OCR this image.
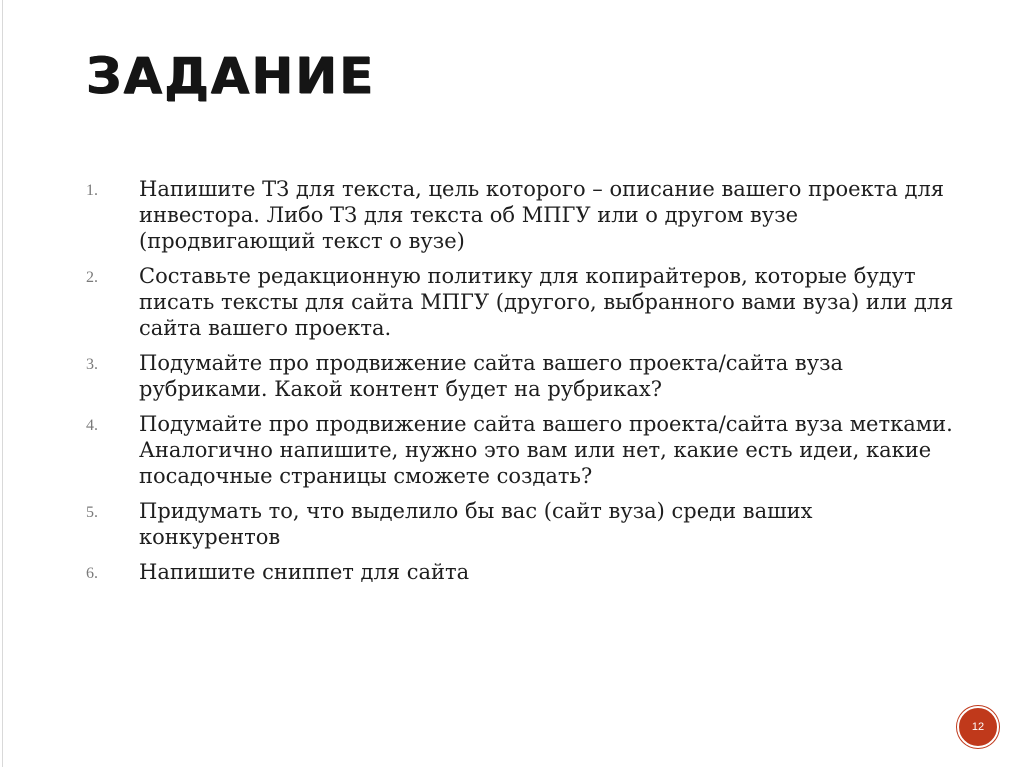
ЗАДАНИЕ
1.	Напишите ТЗ для текста, цель которого – описание вашего проекта для инвестора. Либо ТЗ для текста об МПГУ или о другом вузе (продвигающий текст о вузе)
2.	Составьте редакционную политику для копирайтеров, которые будут писать тексты для сайта МПГУ (другого, выбранного вами вуза) или для сайта вашего проекта.
3.	Подумайте про продвижение сайта вашего проекта/сайта вуза рубриками. Какой контент будет на рубриках?
4.	Подумайте про продвижение сайта вашего проекта/сайта вуза метками. Аналогично напишите, нужно это вам или нет, какие есть идеи, какие посадочные страницы сможете создать?
5.	Придумать то, что выделило бы вас (сайт вуза) среди ваших конкурентов
6.	Напишите сниппет для сайта
12
